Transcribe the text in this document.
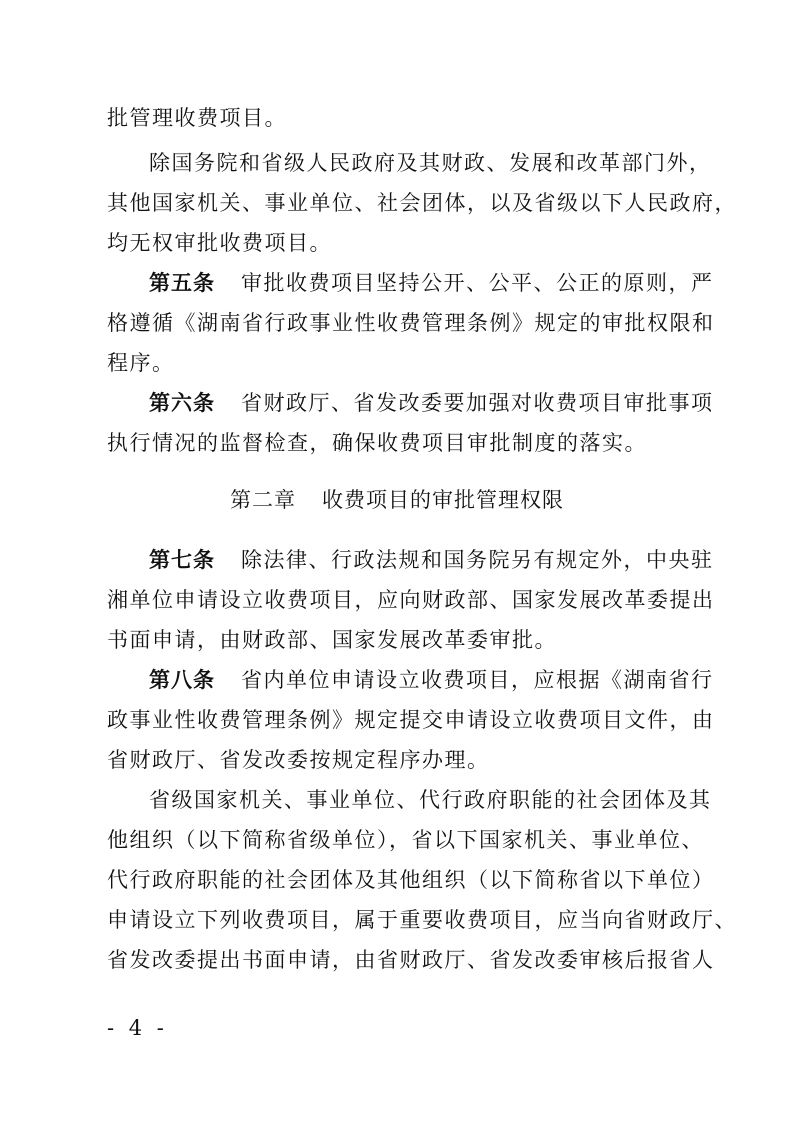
批管理收费项目。
除国务院和省级人民政府及其财政、发展和改革部门外，
其他国家机关、事业单位、社会团体，以及省级以下人民政府，
均无权审批收费项目。
第五条 审批收费项目坚持公开、公平、公正的原则，严
格遵循《湖南省行政事业性收费管理条例》规定的审批权限和
程序。
第六条 省财政厅、省发改委要加强对收费项目审批事项
执行情况的监督检查，确保收费项目审批制度的落实。
第二章 收费项目的审批管理权限
第七条 除法律、行政法规和国务院另有规定外，中央驻
湘单位申请设立收费项目，应向财政部、国家发展改革委提出
书面申请，由财政部、国家发展改革委审批。
第八条 省内单位申请设立收费项目，应根据《湖南省行
政事业性收费管理条例》规定提交申请设立收费项目文件，由
省财政厅、省发改委按规定程序办理。
省级国家机关、事业单位、代行政府职能的社会团体及其
他组织（以下简称省级单位），省以下国家机关、事业单位、
代行政府职能的社会团体及其他组织（以下简称省以下单位）
申请设立下列收费项目，属于重要收费项目，应当向省财政厅、
省发改委提出书面申请，由省财政厅、省发改委审核后报省人
- 4 -
